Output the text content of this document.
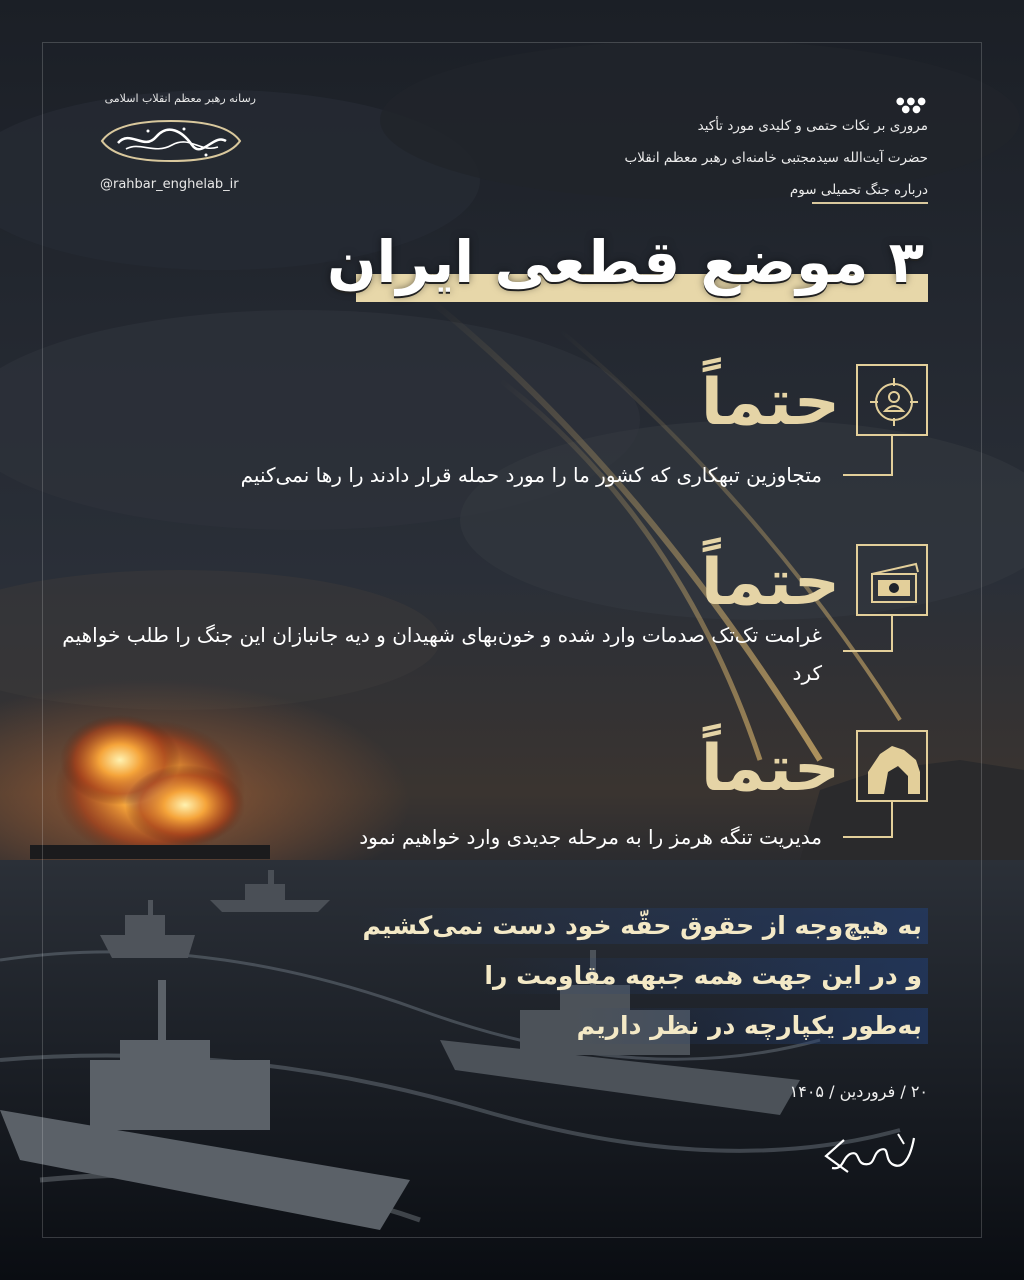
رسانه رهبر معظم انقلاب اسلامی
@rahbar_enghelab_ir
●●●
●●
مروری بر نکات حتمی و کلیدی مورد تأکید
حضرت آیت‌الله سیدمجتبی خامنه‌ای رهبر معظم انقلاب
درباره جنگ تحمیلی سوم
۳ موضع قطعی ایران
حتماً
متجاوزین تبهکاری که کشور ما را مورد حمله قرار دادند را رها نمی‌کنیم
حتماً
غرامت تک‌تک صدمات وارد شده و خون‌بهای شهیدان و دیه جانبازان این جنگ را طلب خواهیم کرد
حتماً
مدیریت تنگه هرمز را به مرحله جدیدی وارد خواهیم نمود
به هیچ‌وجه از حقوق حقّه خود دست نمی‌کشیم
و در این جهت همه جبهه مقاومت را
به‌طور یکپارچه در نظر داریم
۲۰ / فروردین / ۱۴۰۵
